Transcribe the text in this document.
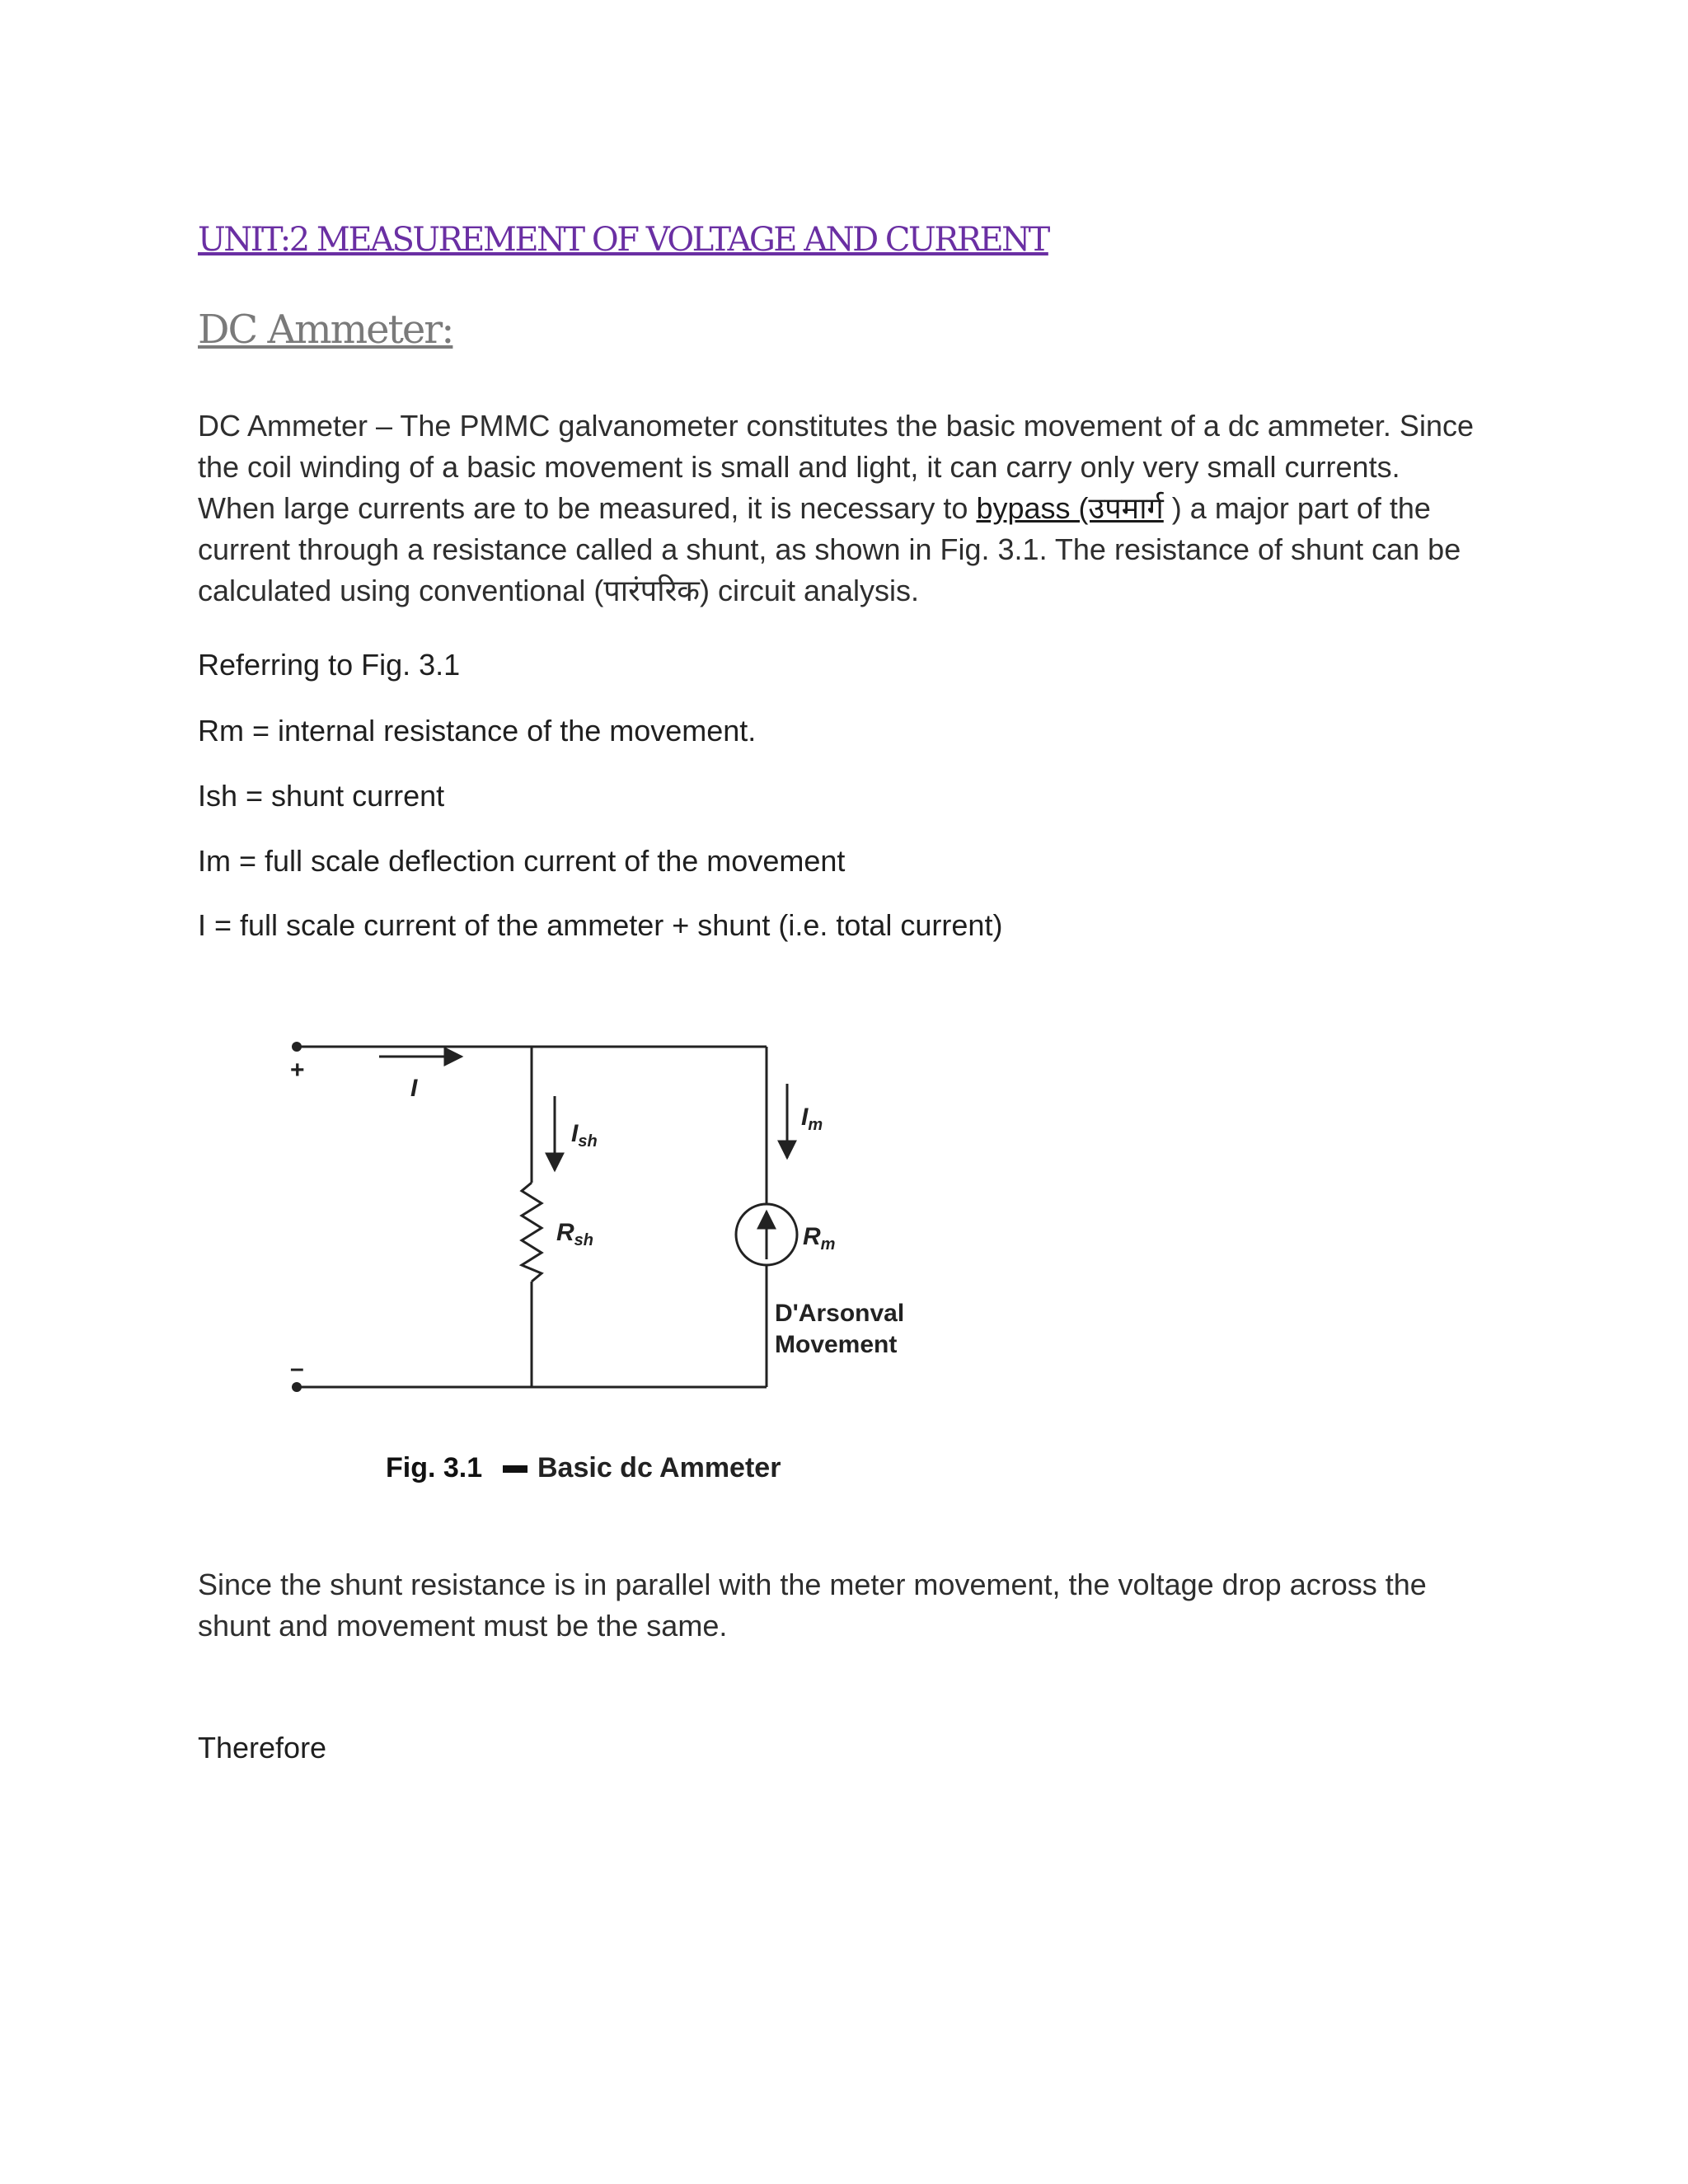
UNIT:2 MEASUREMENT OF VOLTAGE AND CURRENT
DC Ammeter:

DC Ammeter – The PMMC galvanometer constitutes the basic movement of a dc ammeter. Since the coil winding of a basic movement is small and light, it can carry only very small currents. When large currents are to be measured, it is necessary to bypass (उपमार्ग ) a major part of the current through a resistance called a shunt, as shown in Fig. 3.1. The resistance of shunt can be calculated using conventional (पारंपरिक) circuit analysis.

Referring to Fig. 3.1

Rm = internal resistance of the movement.

Ish = shunt current

Im = full scale deflection current of the movement

I = full scale current of the ammeter + shunt (i.e. total current)

+
–
I
$I_{sh}$
$R_{sh}$
$I_m$
$R_m$
D'Arsonval
Movement
Fig. 3.1 Basic dc Ammeter

Since the shunt resistance is in parallel with the meter movement, the voltage drop across the shunt and movement must be the same.

Therefore
